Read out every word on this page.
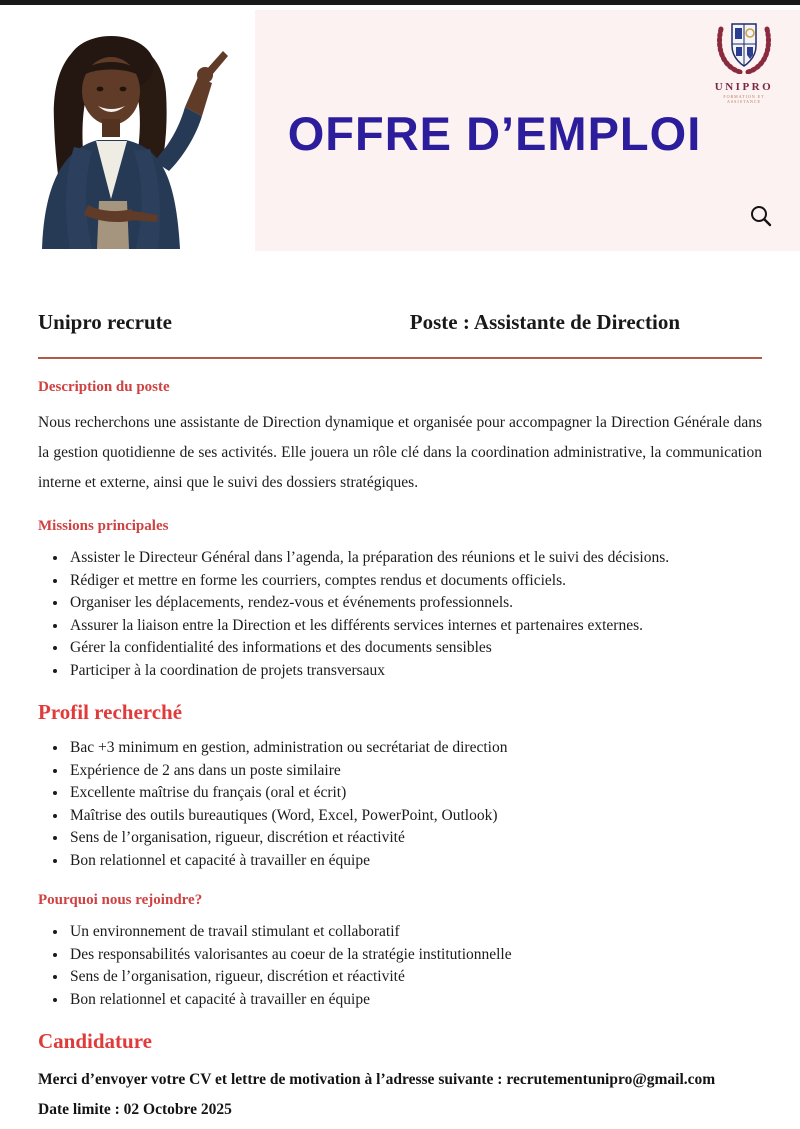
OFFRE D’EMPLOI
UNIPRO
FORMATION ET ASSISTANCE
Unipro recrute	Poste : Assistante de Direction
Description du poste

Nous recherchons une assistante de Direction dynamique et organisée pour accompagner la Direction Générale dans la gestion quotidienne de ses activités. Elle jouera un rôle clé dans la coordination administrative, la communication interne et externe, ainsi que le suivi des dossiers stratégiques.

Missions principales
• Assister le Directeur Général dans l’agenda, la préparation des réunions et le suivi des décisions.
• Rédiger et mettre en forme les courriers, comptes rendus et documents officiels.
• Organiser les déplacements, rendez-vous et événements professionnels.
• Assurer la liaison entre la Direction et les différents services internes et partenaires externes.
• Gérer la confidentialité des informations et des documents sensibles
• Participer à la coordination de projets transversaux
Profil recherché
• Bac +3 minimum en gestion, administration ou secrétariat de direction
• Expérience de 2 ans dans un poste similaire
• Excellente maîtrise du français (oral et écrit)
• Maîtrise des outils bureautiques (Word, Excel, PowerPoint, Outlook)
• Sens de l’organisation, rigueur, discrétion et réactivité
• Bon relationnel et capacité à travailler en équipe
Pourquoi nous rejoindre?
• Un environnement de travail stimulant et collaboratif
• Des responsabilités valorisantes au coeur de la stratégie institutionnelle
• Sens de l’organisation, rigueur, discrétion et réactivité
• Bon relationnel et capacité à travailler en équipe
Candidature

Merci d’envoyer votre CV et lettre de motivation à l’adresse suivante : recrutementunipro@gmail.com

Date limite : 02 Octobre 2025
